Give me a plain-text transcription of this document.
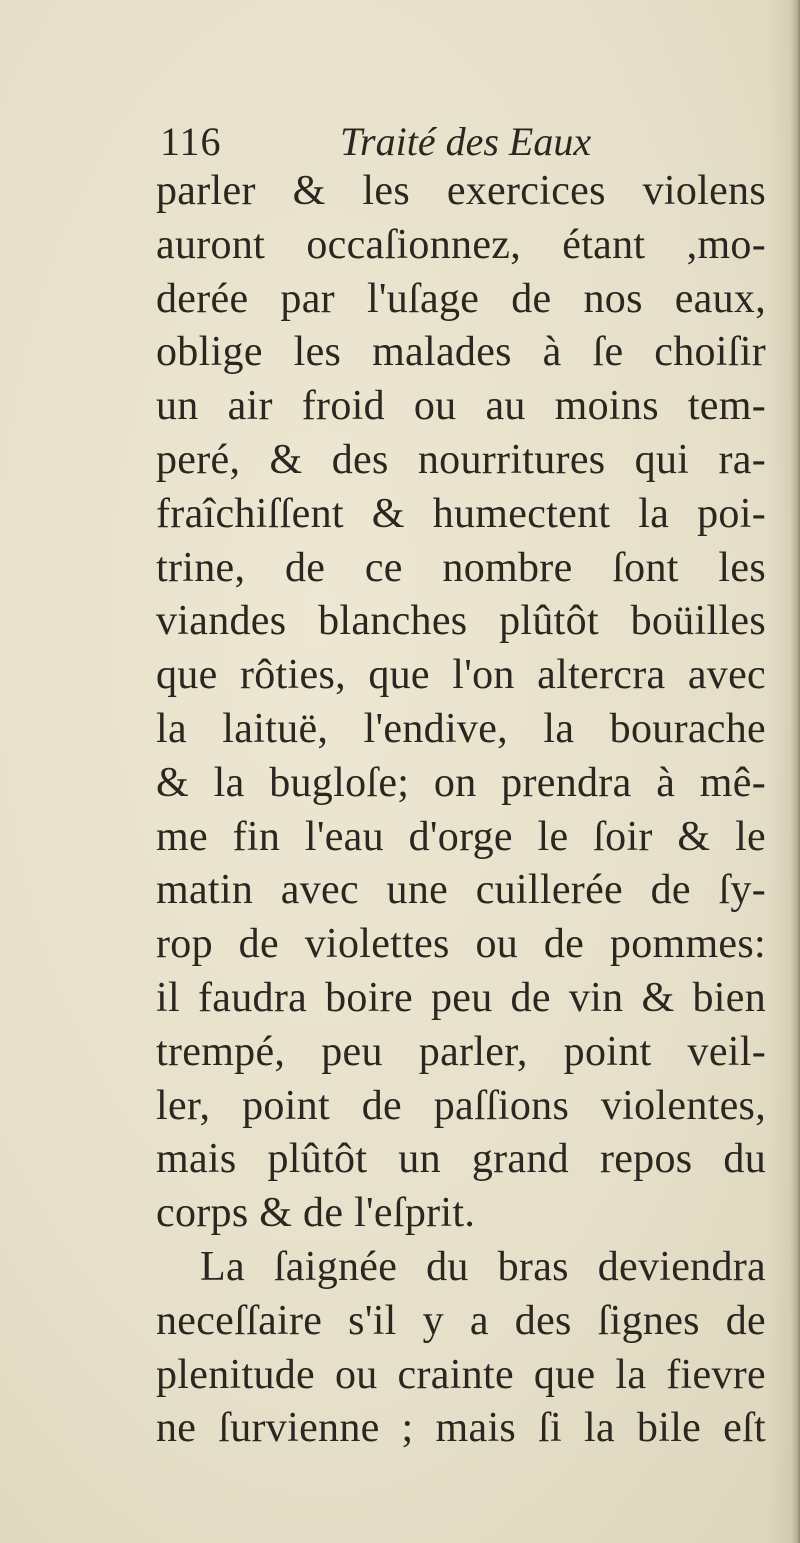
116	Traité des Eaux
parler & les exercices violens
auront occaſionnez, étant ,mo-
derée par l'uſage de nos eaux,
oblige les malades à ſe choiſir
un air froid ou au moins tem-
peré, & des nourritures qui ra-
fraîchiſſent & humectent la poi-
trine, de ce nombre ſont les
viandes blanches plûtôt boüilles
que rôties, que l'on altercra avec
la laituë, l'endive, la bourache
& la bugloſe; on prendra à mê-
me fin l'eau d'orge le ſoir & le
matin avec une cuillerée de ſy-
rop de violettes ou de pommes:
il faudra boire peu de vin & bien
trempé, peu parler, point veil-
ler, point de paſſions violentes,
mais plûtôt un grand repos du
corps & de l'eſprit.
La ſaignée du bras deviendra
neceſſaire s'il y a des ſignes de
plenitude ou crainte que la fievre
ne ſurvienne ; mais ſi la bile eſt
